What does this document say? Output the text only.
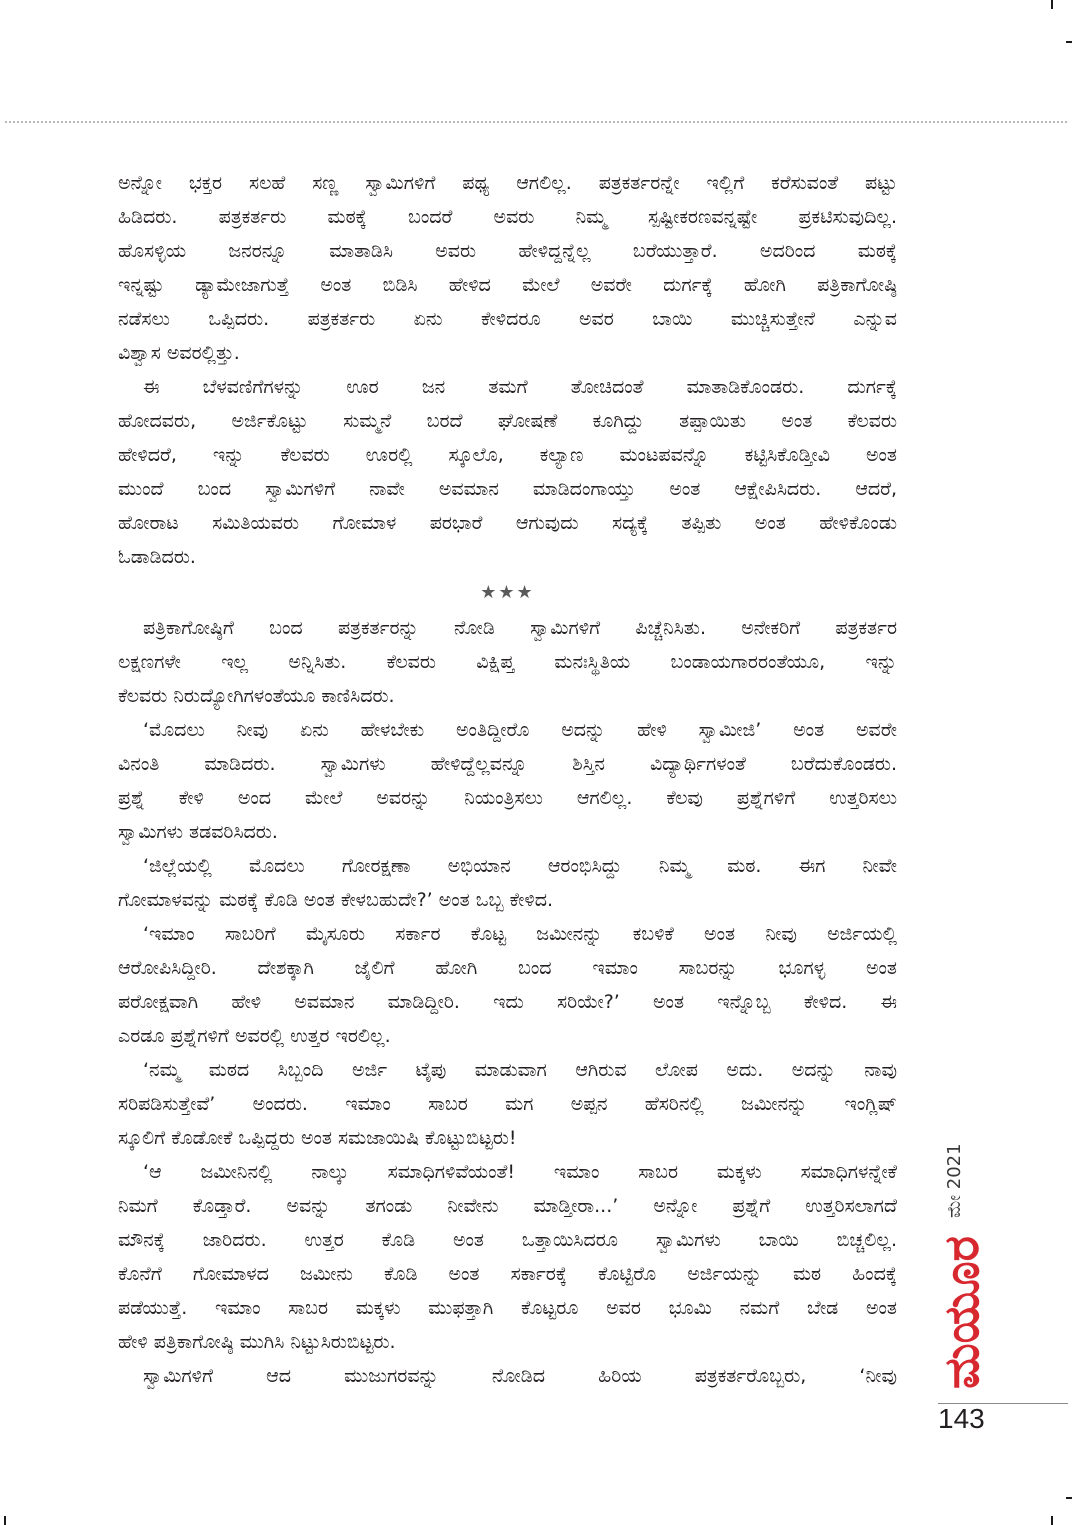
ಅನ್ನೋ ಭಕ್ತರ ಸಲಹೆ ಸಣ್ಣ ಸ್ವಾಮಿಗಳಿಗೆ ಪಥ್ಯ ಆಗಲಿಲ್ಲ. ಪತ್ರಕರ್ತರನ್ನೇ ಇಲ್ಲಿಗೆ ಕರೆಸುವಂತೆ ಪಟ್ಟು
ಹಿಡಿದರು. ಪತ್ರಕರ್ತರು ಮಠಕ್ಕೆ ಬಂದರೆ ಅವರು ನಿಮ್ಮ ಸ್ಪಷ್ಟೀಕರಣವನ್ನಷ್ಟೇ ಪ್ರಕಟಿಸುವುದಿಲ್ಲ.
ಹೊಸಳ್ಳಿಯ ಜನರನ್ನೂ ಮಾತಾಡಿಸಿ ಅವರು ಹೇಳಿದ್ದನ್ನೆಲ್ಲ ಬರೆಯುತ್ತಾರೆ. ಅದರಿಂದ ಮಠಕ್ಕೆ
ಇನ್ನಷ್ಟು ಡ್ಯಾಮೇಜಾಗುತ್ತೆ ಅಂತ ಬಿಡಿಸಿ ಹೇಳಿದ ಮೇಲೆ ಅವರೇ ದುರ್ಗಕ್ಕೆ ಹೋಗಿ ಪತ್ರಿಕಾಗೋಷ್ಠಿ
ನಡೆಸಲು ಒಪ್ಪಿದರು. ಪತ್ರಕರ್ತರು ಏನು ಕೇಳಿದರೂ ಅವರ ಬಾಯಿ ಮುಚ್ಚಿಸುತ್ತೇನೆ ಎನ್ನುವ
ವಿಶ್ವಾಸ ಅವರಲ್ಲಿತ್ತು.
ಈ ಬೆಳವಣಿಗೆಗಳನ್ನು ಊರ ಜನ ತಮಗೆ ತೋಚಿದಂತೆ ಮಾತಾಡಿಕೊಂಡರು. ದುರ್ಗಕ್ಕೆ
ಹೋದವರು, ಅರ್ಜಿಕೊಟ್ಟು ಸುಮ್ಮನೆ ಬರದೆ ಘೋಷಣೆ ಕೂಗಿದ್ದು ತಪ್ಪಾಯಿತು ಅಂತ ಕೆಲವರು
ಹೇಳಿದರೆ, ಇನ್ನು ಕೆಲವರು ಊರಲ್ಲಿ ಸ್ಕೂಲೊ, ಕಲ್ಯಾಣ ಮಂಟಪವನ್ನೊ ಕಟ್ಟಿಸಿಕೊಡ್ತೀವಿ ಅಂತ
ಮುಂದೆ ಬಂದ ಸ್ವಾಮಿಗಳಿಗೆ ನಾವೇ ಅವಮಾನ ಮಾಡಿದಂಗಾಯ್ತು ಅಂತ ಆಕ್ಷೇಪಿಸಿದರು. ಆದರೆ,
ಹೋರಾಟ ಸಮಿತಿಯವರು ಗೋಮಾಳ ಪರಭಾರೆ ಆಗುವುದು ಸದ್ಯಕ್ಕೆ ತಪ್ಪಿತು ಅಂತ ಹೇಳಿಕೊಂಡು
ಓಡಾಡಿದರು.
★★★
ಪತ್ರಿಕಾಗೋಷ್ಠಿಗೆ ಬಂದ ಪತ್ರಕರ್ತರನ್ನು ನೋಡಿ ಸ್ವಾಮಿಗಳಿಗೆ ಪಿಚ್ಚೆನಿಸಿತು. ಅನೇಕರಿಗೆ ಪತ್ರಕರ್ತರ
ಲಕ್ಷಣಗಳೇ ಇಲ್ಲ ಅನ್ನಿಸಿತು. ಕೆಲವರು ವಿಕ್ಷಿಪ್ತ ಮನಃಸ್ಥಿತಿಯ ಬಂಡಾಯಗಾರರಂತೆಯೂ, ಇನ್ನು
ಕೆಲವರು ನಿರುದ್ಯೋಗಿಗಳಂತೆಯೂ ಕಾಣಿಸಿದರು.
‘ಮೊದಲು ನೀವು ಏನು ಹೇಳಬೇಕು ಅಂತಿದ್ದೀರೊ ಅದನ್ನು ಹೇಳಿ ಸ್ವಾಮೀಜಿ’ ಅಂತ ಅವರೇ
ವಿನಂತಿ ಮಾಡಿದರು. ಸ್ವಾಮಿಗಳು ಹೇಳಿದ್ದೆಲ್ಲವನ್ನೂ ಶಿಸ್ತಿನ ವಿದ್ಯಾರ್ಥಿಗಳಂತೆ ಬರೆದುಕೊಂಡರು.
ಪ್ರಶ್ನೆ ಕೇಳಿ ಅಂದ ಮೇಲೆ ಅವರನ್ನು ನಿಯಂತ್ರಿಸಲು ಆಗಲಿಲ್ಲ. ಕೆಲವು ಪ್ರಶ್ನೆಗಳಿಗೆ ಉತ್ತರಿಸಲು
ಸ್ವಾಮಿಗಳು ತಡವರಿಸಿದರು.
‘ಜಿಲ್ಲೆಯಲ್ಲಿ ಮೊದಲು ಗೋರಕ್ಷಣಾ ಅಭಿಯಾನ ಆರಂಭಿಸಿದ್ದು ನಿಮ್ಮ ಮಠ. ಈಗ ನೀವೇ
ಗೋಮಾಳವನ್ನು ಮಠಕ್ಕೆ ಕೊಡಿ ಅಂತ ಕೇಳಬಹುದೇ?’ ಅಂತ ಒಬ್ಬ ಕೇಳಿದ.
‘ಇಮಾಂ ಸಾಬರಿಗೆ ಮೈಸೂರು ಸರ್ಕಾರ ಕೊಟ್ಟ ಜಮೀನನ್ನು ಕಬಳಿಕೆ ಅಂತ ನೀವು ಅರ್ಜಿಯಲ್ಲಿ
ಆರೋಪಿಸಿದ್ದೀರಿ. ದೇಶಕ್ಕಾಗಿ ಜೈಲಿಗೆ ಹೋಗಿ ಬಂದ ಇಮಾಂ ಸಾಬರನ್ನು ಭೂಗಳ್ಳ ಅಂತ
ಪರೋಕ್ಷವಾಗಿ ಹೇಳಿ ಅವಮಾನ ಮಾಡಿದ್ದೀರಿ. ಇದು ಸರಿಯೇ?’ ಅಂತ ಇನ್ನೊಬ್ಬ ಕೇಳಿದ. ಈ
ಎರಡೂ ಪ್ರಶ್ನೆಗಳಿಗೆ ಅವರಲ್ಲಿ ಉತ್ತರ ಇರಲಿಲ್ಲ.
‘ನಮ್ಮ ಮಠದ ಸಿಬ್ಬಂದಿ ಅರ್ಜಿ ಟೈಪು ಮಾಡುವಾಗ ಆಗಿರುವ ಲೋಪ ಅದು. ಅದನ್ನು ನಾವು
ಸರಿಪಡಿಸುತ್ತೇವೆ’ ಅಂದರು. ಇಮಾಂ ಸಾಬರ ಮಗ ಅಪ್ಪನ ಹೆಸರಿನಲ್ಲಿ ಜಮೀನನ್ನು ಇಂಗ್ಲಿಷ್
ಸ್ಕೂಲಿಗೆ ಕೊಡೋಕೆ ಒಪ್ಪಿದ್ದರು ಅಂತ ಸಮಜಾಯಿಷಿ ಕೊಟ್ಟುಬಿಟ್ಟರು!
‘ಆ ಜಮೀನಿನಲ್ಲಿ ನಾಲ್ಕು ಸಮಾಧಿಗಳಿವೆಯಂತೆ! ಇಮಾಂ ಸಾಬರ ಮಕ್ಕಳು ಸಮಾಧಿಗಳನ್ನೇಕೆ
ನಿಮಗೆ ಕೊಡ್ತಾರೆ. ಅವನ್ನು ತಗಂಡು ನೀವೇನು ಮಾಡ್ತೀರಾ...’ ಅನ್ನೋ ಪ್ರಶ್ನೆಗೆ ಉತ್ತರಿಸಲಾಗದೆ
ಮೌನಕ್ಕೆ ಜಾರಿದರು. ಉತ್ತರ ಕೊಡಿ ಅಂತ ಒತ್ತಾಯಿಸಿದರೂ ಸ್ವಾಮಿಗಳು ಬಾಯಿ ಬಿಚ್ಚಲಿಲ್ಲ.
ಕೊನೆಗೆ ಗೋಮಾಳದ ಜಮೀನು ಕೊಡಿ ಅಂತ ಸರ್ಕಾರಕ್ಕೆ ಕೊಟ್ಟಿರೊ ಅರ್ಜಿಯನ್ನು ಮಠ ಹಿಂದಕ್ಕೆ
ಪಡೆಯುತ್ತೆ. ಇಮಾಂ ಸಾಬರ ಮಕ್ಕಳು ಮುಫತ್ತಾಗಿ ಕೊಟ್ಟರೂ ಅವರ ಭೂಮಿ ನಮಗೆ ಬೇಡ ಅಂತ
ಹೇಳಿ ಪತ್ರಿಕಾಗೋಷ್ಠಿ ಮುಗಿಸಿ ನಿಟ್ಟುಸಿರುಬಿಟ್ಟರು.
ಸ್ವಾಮಿಗಳಿಗೆ ಆದ ಮುಜುಗರವನ್ನು ನೋಡಿದ ಹಿರಿಯ ಪತ್ರಕರ್ತರೊಬ್ಬರು, ‘ನೀವು
ಮೇ 2021
ಮಯೂರ
143
